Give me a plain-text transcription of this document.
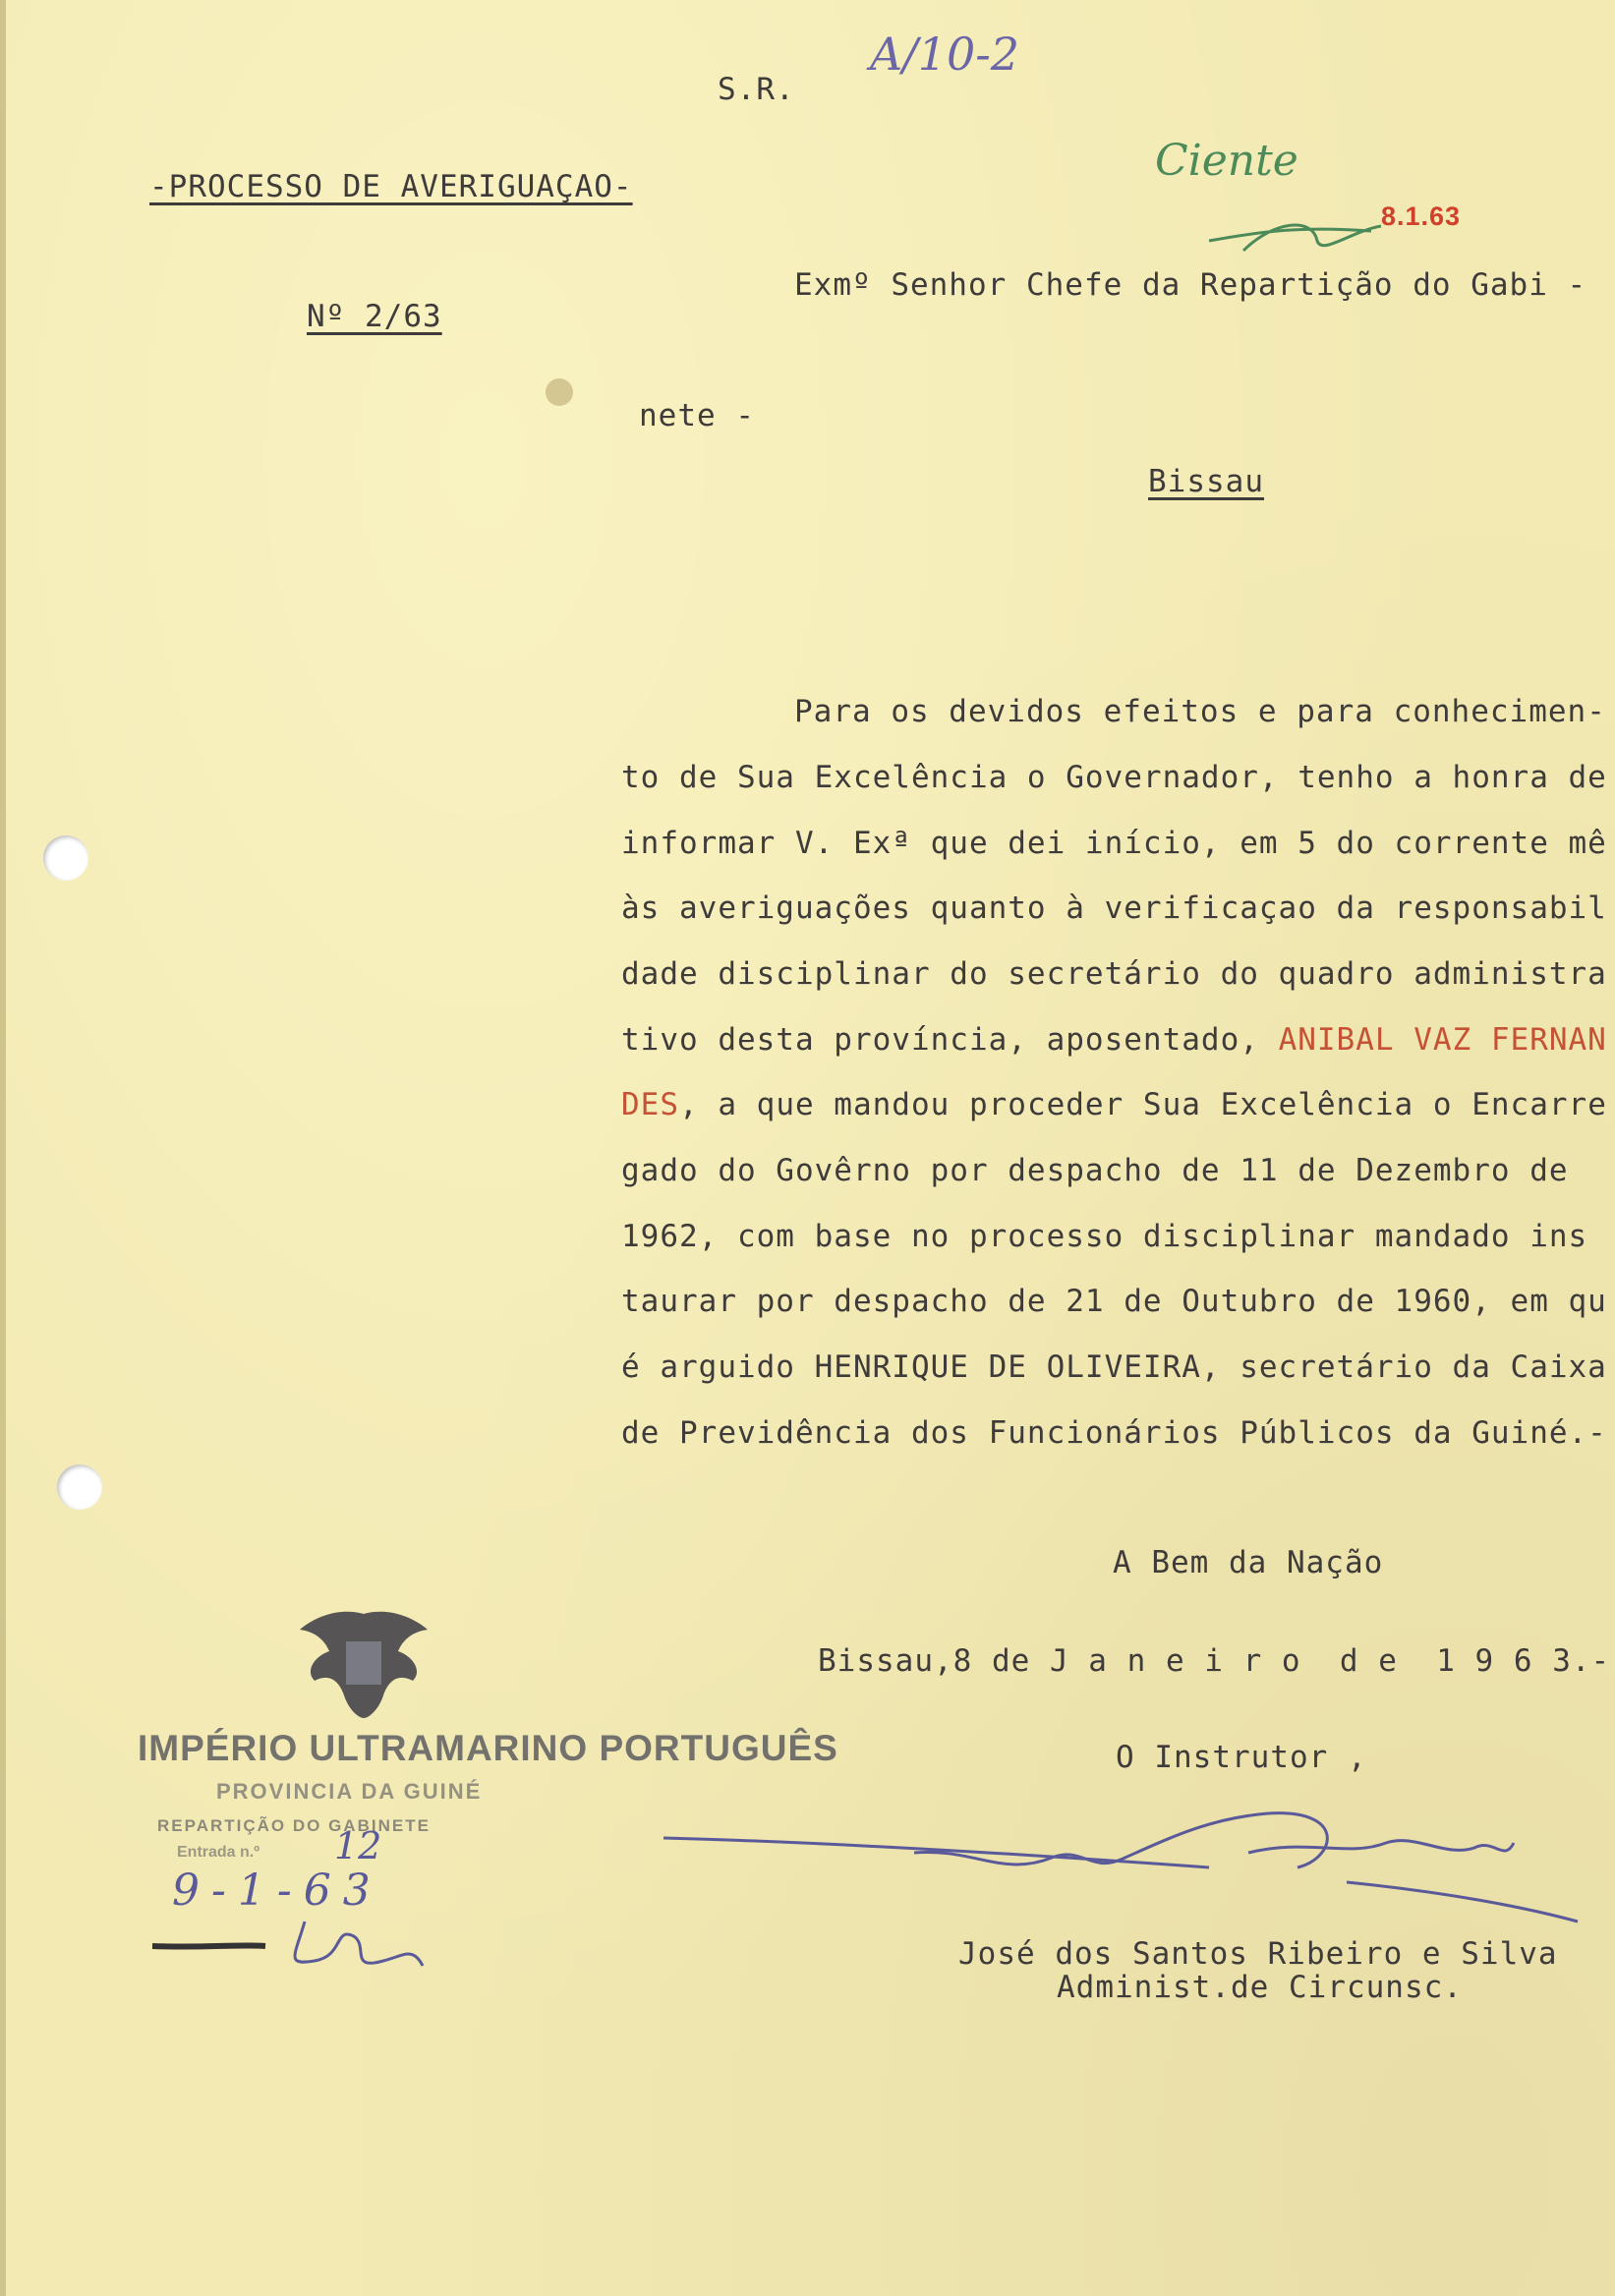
S.R.
A/10-2
-PROCESSO DE AVERIGUAÇAO-
Ciente
8.1.63
Exmº Senhor Chefe da Repartição do Gabi -
Nº 2/63
nete -
Bissau
Para os devidos efeitos e para conhecimen-
to de Sua Excelência o Governador, tenho a honra de
informar V. Exª que dei início, em 5 do corrente mê
às averiguações quanto à verificaçao da responsabil
dade disciplinar do secretário do quadro administra
tivo desta província, aposentado, ANIBAL VAZ FERNAN
DES, a que mandou proceder Sua Excelência o Encarre
gado do Govêrno por despacho de 11 de Dezembro de
1962, com base no processo disciplinar mandado ins
taurar por despacho de 21 de Outubro de 1960, em qu
é arguido HENRIQUE DE OLIVEIRA, secretário da Caixa
de Previdência dos Funcionários Públicos da Guiné.-
A Bem da Nação
Bissau,8 de J a n e i r o  d e  1 9 6 3.-
O Instrutor ,
José dos Santos Ribeiro e Silva
Administ.de Circunsc.
IMPÉRIO ULTRAMARINO PORTUGUÊS
PROVINCIA DA GUINÉ
REPARTIÇÃO DO GABINETE
Entrada n.º 12
9-1-63
